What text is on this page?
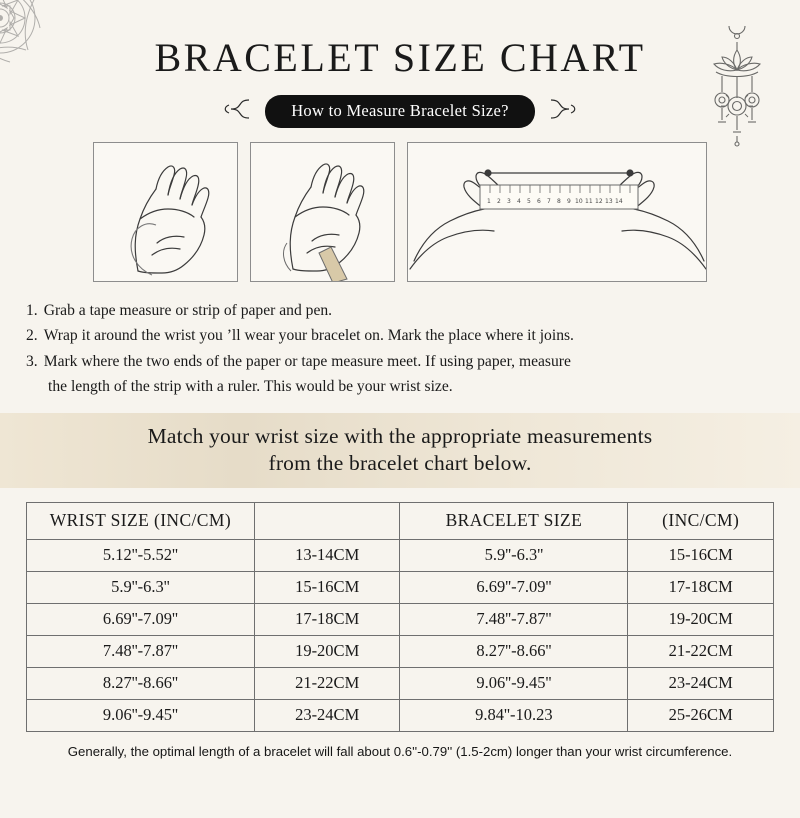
BRACELET SIZE CHART
How to Measure Bracelet Size?
1 2 3 4 5 6 7 8 9 10 11 12 13 14
1. Grab a tape measure or strip of paper and pen.
2. Wrap it around the wrist you ’ll wear your bracelet on. Mark the place where it joins.
3. Mark where the two ends of the paper or tape measure meet. If using paper, measure
the length of the strip with a ruler. This would be your wrist size.
Match your wrist size with the appropriate measurements
from the bracelet chart below.
WRIST SIZE (INC/CM)		BRACELET SIZE	(INC/CM)
5.12''-5.52''	13-14CM	5.9''-6.3''	15-16CM
5.9''-6.3''	15-16CM	6.69''-7.09''	17-18CM
6.69''-7.09''	17-18CM	7.48''-7.87''	19-20CM
7.48''-7.87''	19-20CM	8.27''-8.66''	21-22CM
8.27''-8.66''	21-22CM	9.06''-9.45''	23-24CM
9.06''-9.45''	23-24CM	9.84''-10.23	25-26CM
Generally, the optimal length of a bracelet will fall about 0.6''-0.79'' (1.5-2cm) longer than your wrist circumference.
